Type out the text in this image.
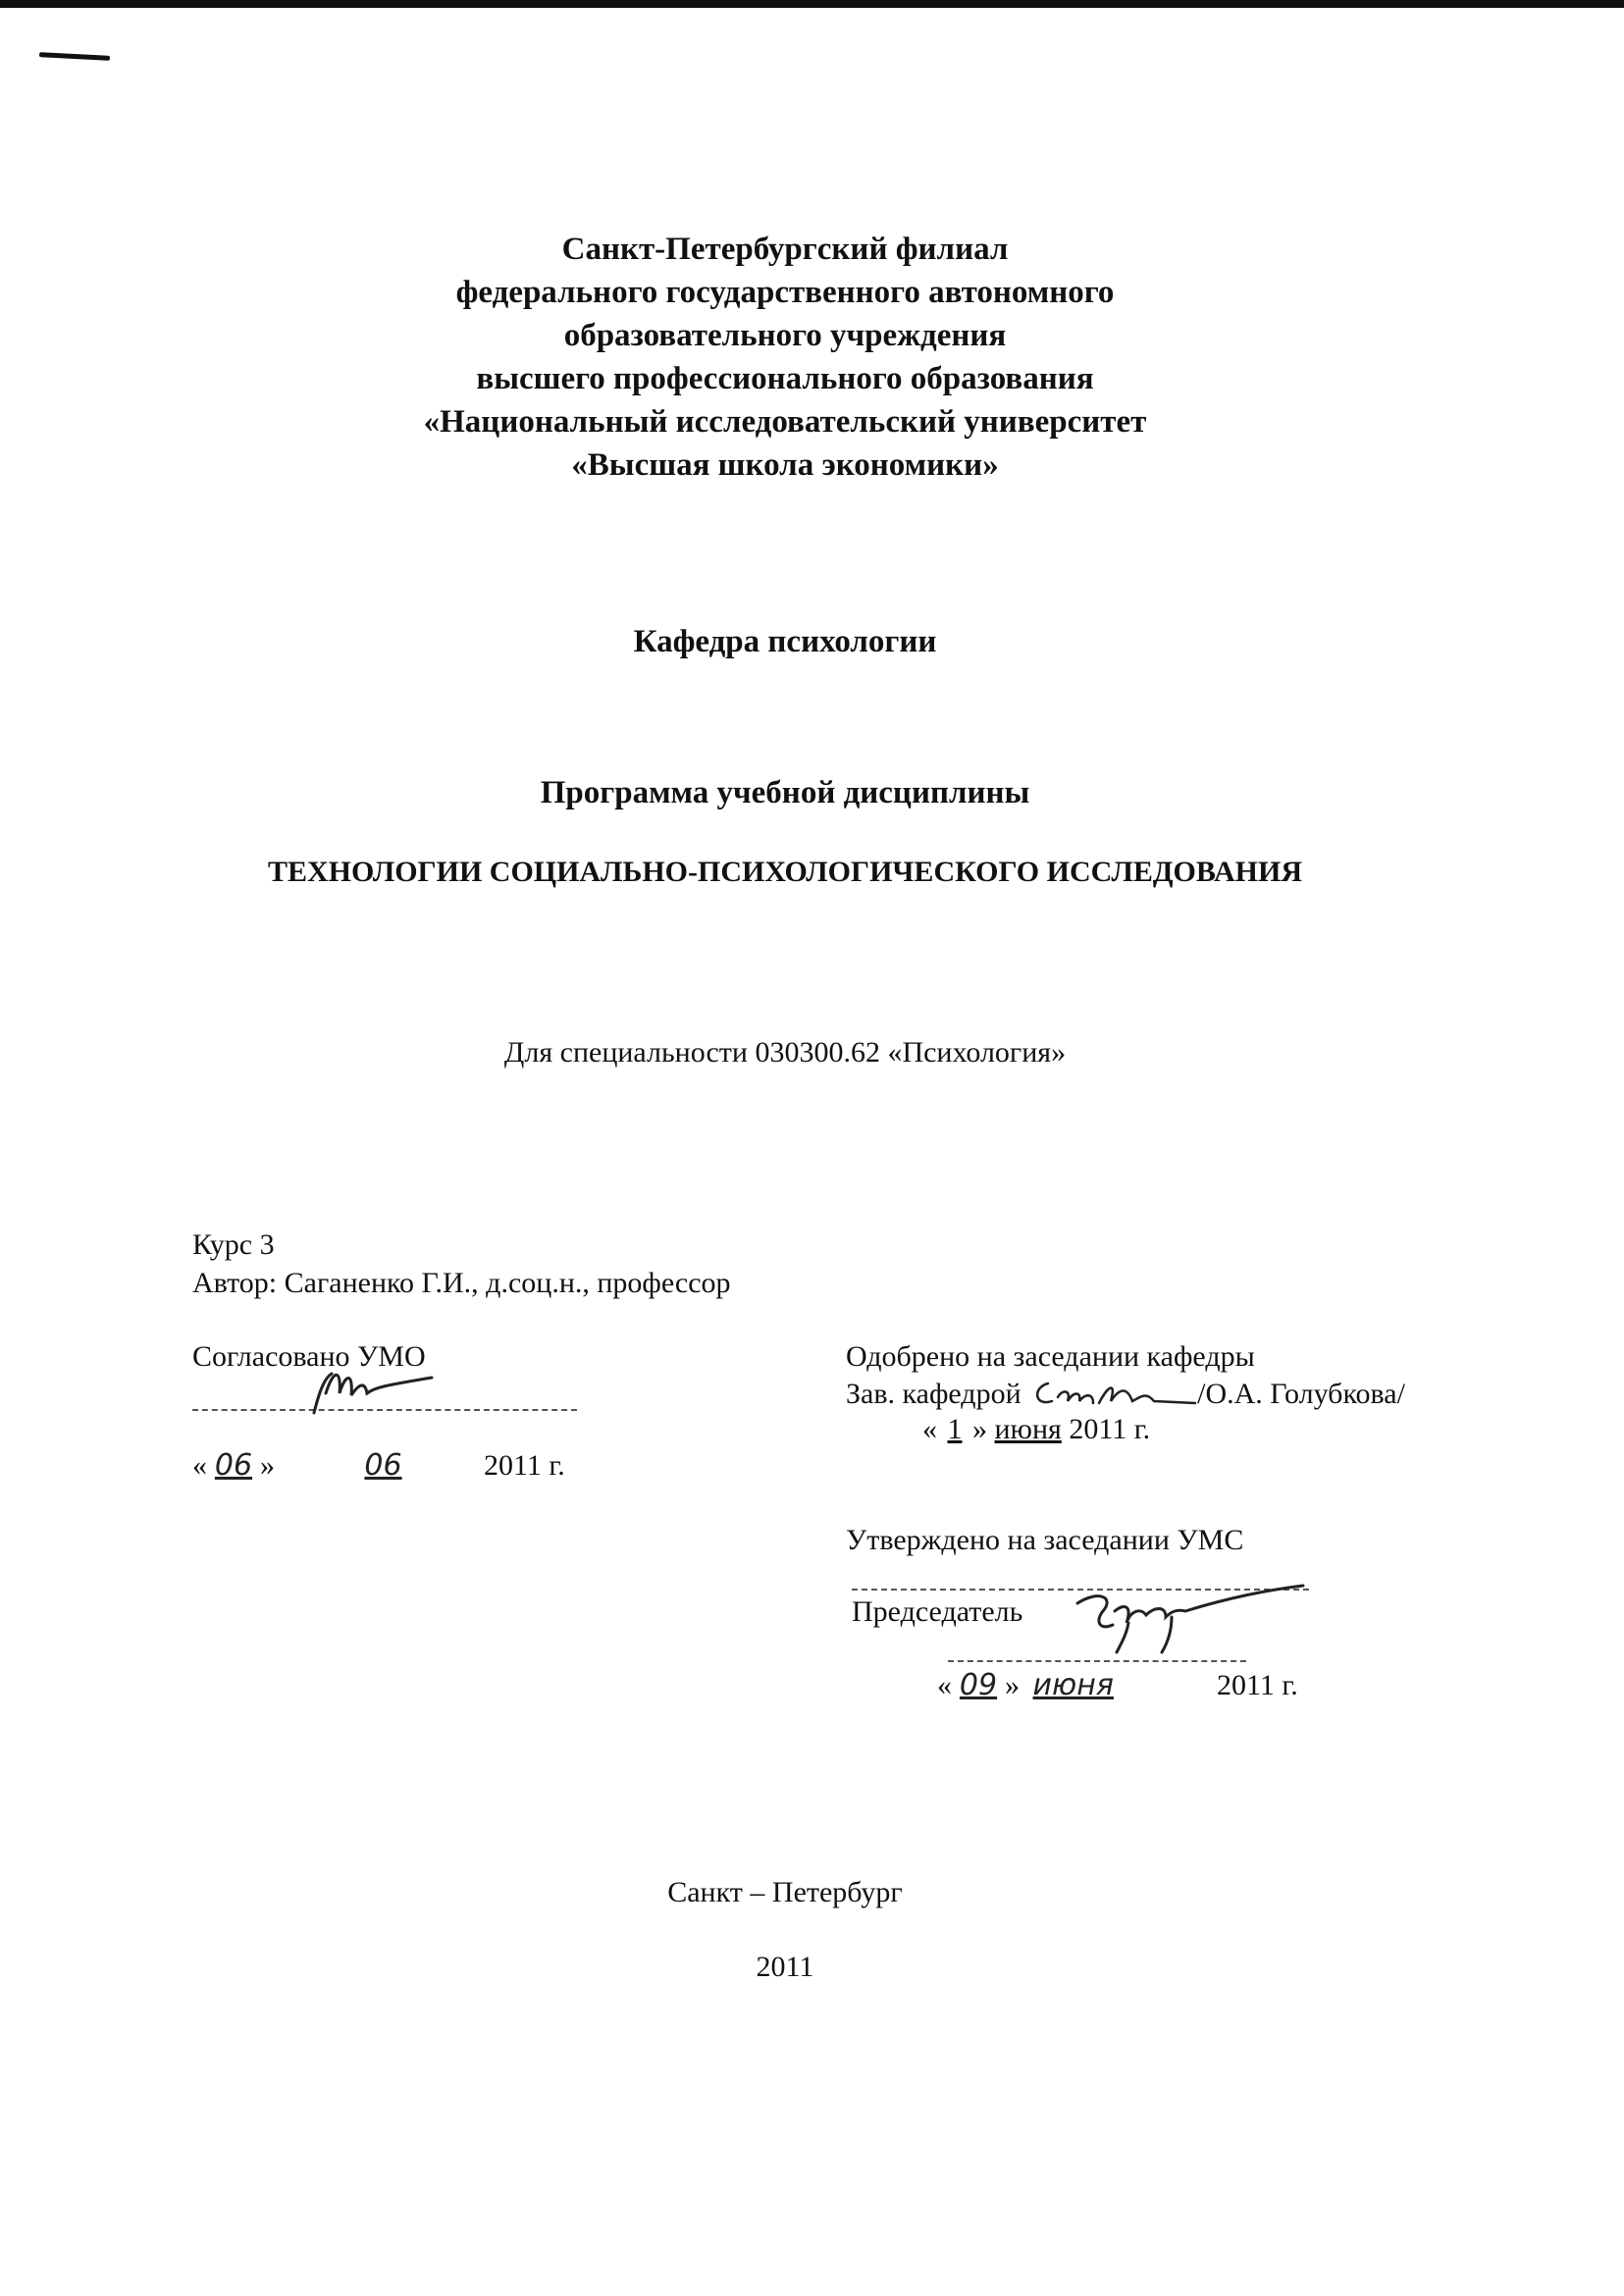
Санкт-Петербургский филиал
федерального государственного автономного
образовательного учреждения
высшего профессионального образования
«Национальный исследовательский университет
«Высшая школа экономики»
Кафедра психологии
Программа учебной дисциплины
ТЕХНОЛОГИИ СОЦИАЛЬНО-ПСИХОЛОГИЧЕСКОГО ИССЛЕДОВАНИЯ
Для специальности 030300.62 «Психология»
Курс 3
Автор: Саганенко Г.И., д.соц.н., профессор
Согласовано УМО
« 06 »	06	2011 г.
Одобрено на заседании кафедры
Зав. кафедрой	/О.А. Голубкова/
« 1 » июня 2011 г.
Утверждено на заседании УМС
Председатель
« 09 » июня	2011 г.
Санкт – Петербург
2011
